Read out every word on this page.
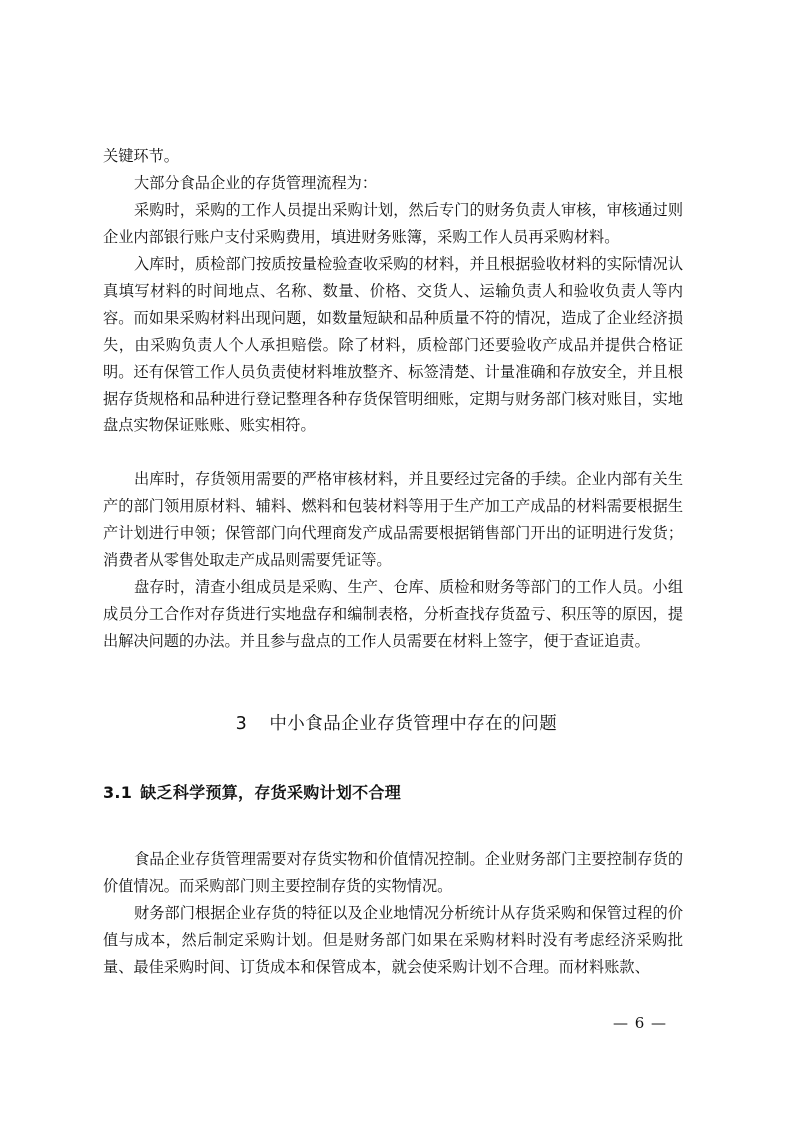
关键环节。

大部分食品企业的存货管理流程为：

采购时，采购的工作人员提出采购计划，然后专门的财务负责人审核，审核通过则企业内部银行账户支付采购费用，填进财务账簿，采购工作人员再采购材料。

入库时，质检部门按质按量检验查收采购的材料，并且根据验收材料的实际情况认真填写材料的时间地点、名称、数量、价格、交货人、运输负责人和验收负责人等内容。而如果采购材料出现问题，如数量短缺和品种质量不符的情况，造成了企业经济损失，由采购负责人个人承担赔偿。除了材料，质检部门还要验收产成品并提供合格证明。还有保管工作人员负责使材料堆放整齐、标签清楚、计量准确和存放安全，并且根据存货规格和品种进行登记整理各种存货保管明细账，定期与财务部门核对账目，实地盘点实物保证账账、账实相符。

出库时，存货领用需要的严格审核材料，并且要经过完备的手续。企业内部有关生产的部门领用原材料、辅料、燃料和包装材料等用于生产加工产成品的材料需要根据生产计划进行申领；保管部门向代理商发产成品需要根据销售部门开出的证明进行发货；消费者从零售处取走产成品则需要凭证等。

盘存时，清查小组成员是采购、生产、仓库、质检和财务等部门的工作人员。小组成员分工合作对存货进行实地盘存和编制表格，分析查找存货盈亏、积压等的原因，提出解决问题的办法。并且参与盘点的工作人员需要在材料上签字，便于查证追责。

3 中小食品企业存货管理中存在的问题
3.1 缺乏科学预算，存货采购计划不合理

食品企业存货管理需要对存货实物和价值情况控制。企业财务部门主要控制存货的价值情况。而采购部门则主要控制存货的实物情况。

财务部门根据企业存货的特征以及企业地情况分析统计从存货采购和保管过程的价值与成本，然后制定采购计划。但是财务部门如果在采购材料时没有考虑经济采购批量、最佳采购时间、订货成本和保管成本，就会使采购计划不合理。而材料账款、

— 6 —
